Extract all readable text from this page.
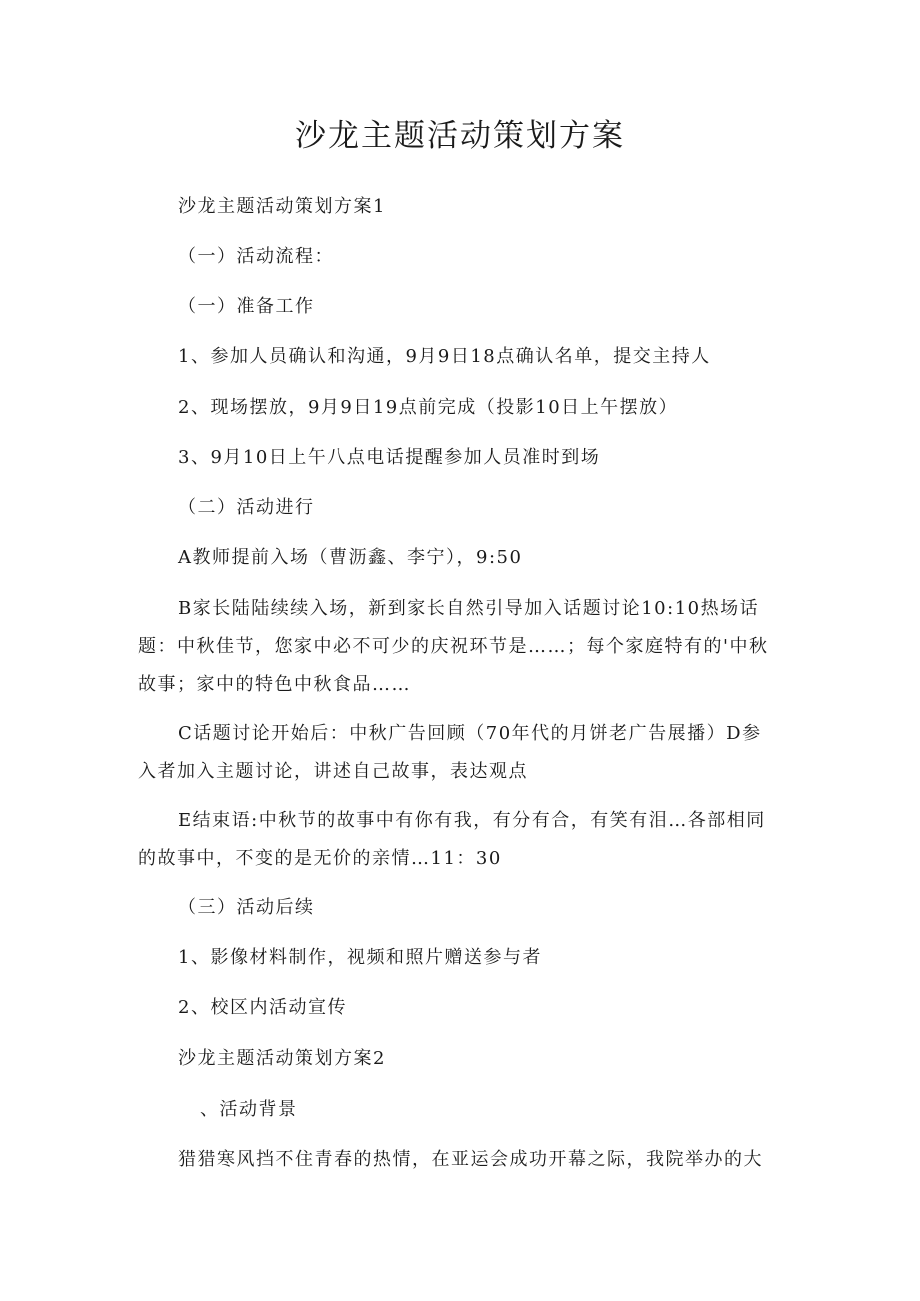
沙龙主题活动策划方案

沙龙主题活动策划方案1

（一）活动流程：

（一）准备工作

1、参加人员确认和沟通，9月9日18点确认名单，提交主持人

2、现场摆放，9月9日19点前完成（投影10日上午摆放）

3、9月10日上午八点电话提醒参加人员准时到场

（二）活动进行

A教师提前入场（曹沥鑫、李宁），9:50

B家长陆陆续续入场，新到家长自然引导加入话题讨论10:10热场话
题：中秋佳节，您家中必不可少的庆祝环节是……；每个家庭特有的'中秋
故事；家中的特色中秋食品……
C话题讨论开始后：中秋广告回顾（70年代的月饼老广告展播）D参
入者加入主题讨论，讲述自己故事，表达观点
E结束语:中秋节的故事中有你有我，有分有合，有笑有泪…各部相同
的故事中，不变的是无价的亲情…11：30

（三）活动后续

1、影像材料制作，视频和照片赠送参与者

2、校区内活动宣传

沙龙主题活动策划方案2

、活动背景

猎猎寒风挡不住青春的热情，在亚运会成功开幕之际，我院举办的大
